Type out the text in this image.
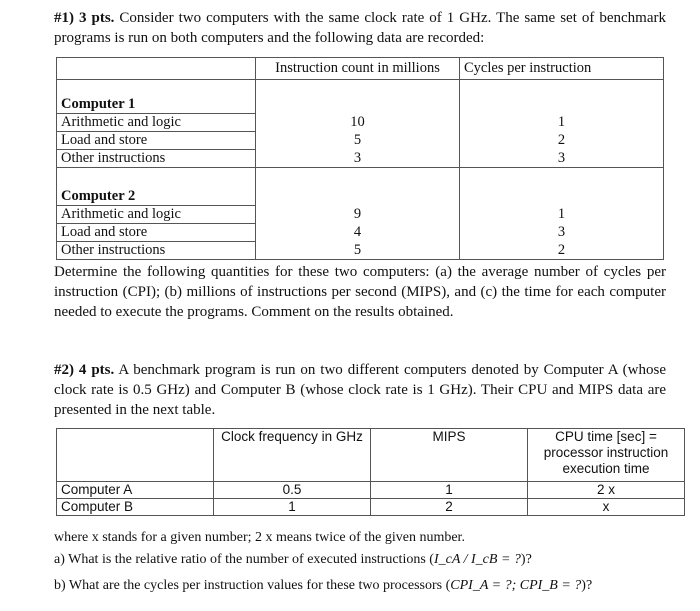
#1) 3 pts. Consider two computers with the same clock rate of 1 GHz. The same set of benchmark programs is run on both computers and the following data are recorded:
	Instruction count in millions	Cycles per instruction
Computer 1		
Arithmetic and logic	10	1
Load and store	5	2
Other instructions	3	3
Computer 2		
Arithmetic and logic	9	1
Load and store	4	3
Other instructions	5	2
Determine the following quantities for these two computers: (a) the average number of cycles per instruction (CPI); (b) millions of instructions per second (MIPS), and (c) the time for each computer needed to execute the programs. Comment on the results obtained.
#2) 4 pts. A benchmark program is run on two different computers denoted by Computer A (whose clock rate is 0.5 GHz) and Computer B (whose clock rate is 1 GHz). Their CPU and MIPS data are presented in the next table.
	Clock frequency in GHz	MIPS	CPU time [sec] = processor instruction execution time
Computer A	0.5	1	2 x
Computer B	1	2	x
where x stands for a given number; 2 x means twice of the given number.
a) What is the relative ratio of the number of executed instructions (I_cA / I_cB = ?)?
b) What are the cycles per instruction values for these two processors (CPI_A = ?; CPI_B = ?)?
